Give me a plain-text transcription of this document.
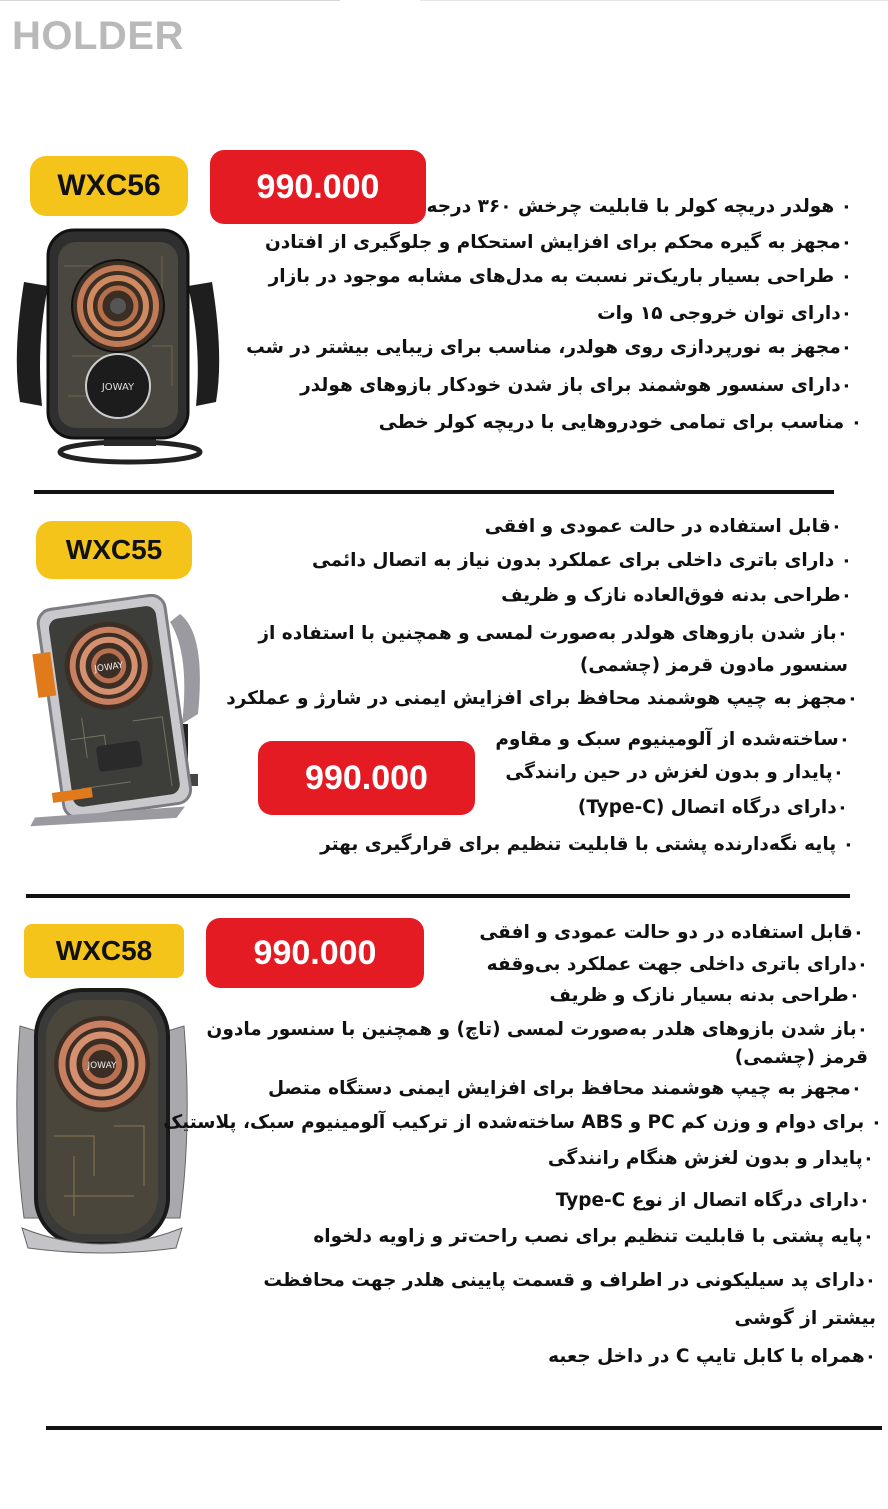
HOLDER
WXC56	990.000
JOWAY
٠ هولدر دریچه کولر با قابلیت چرخش ۳۶۰ درجه
٠مجهز به گیره محکم برای افزایش استحکام و جلوگیری از افتادن
٠ طراحی بسیار باریک‌تر نسبت به مدل‌های مشابه موجود در بازار
٠دارای توان خروجی ۱۵ وات
٠مجهز به نورپردازی روی هولدر، مناسب برای زیبایی بیشتر در شب
٠دارای سنسور هوشمند برای باز شدن خودکار بازوهای هولدر
٠ مناسب برای تمامی خودروهایی با دریچه کولر خطی
WXC55
990.000
JOWAY
٠قابل استفاده در حالت عمودی و افقی
٠ دارای باتری داخلی برای عملکرد بدون نیاز به اتصال دائمی
٠طراحی بدنه فوق‌العاده نازک و ظریف
٠باز شدن بازوهای هولدر به‌صورت لمسی و همچنین با استفاده از سنسور مادون قرمز (چشمی)
٠مجهز به چیپ هوشمند محافظ برای افزایش ایمنی در شارژ و عملکرد
٠ساخته‌شده از آلومینیوم سبک و مقاوم
٠پایدار و بدون لغزش در حین رانندگی
٠دارای درگاه اتصال (Type-C)
٠ پایه نگه‌دارنده پشتی با قابلیت تنظیم برای قرارگیری بهتر
WXC58	990.000
JOWAY
٠قابل استفاده در دو حالت عمودی و افقی
٠دارای باتری داخلی جهت عملکرد بی‌وقفه
٠طراحی بدنه بسیار نازک و ظریف
٠باز شدن بازوهای هلدر به‌صورت لمسی (تاچ) و همچنین با سنسور مادون قرمز (چشمی)
٠مجهز به چیپ هوشمند محافظ برای افزایش ایمنی دستگاه متصل
٠ برای دوام و وزن کم PC و ABS ساخته‌شده از ترکیب آلومینیوم سبک، پلاستیک
٠پایدار و بدون لغزش هنگام رانندگی
٠دارای درگاه اتصال از نوع Type-C
٠پایه پشتی با قابلیت تنظیم برای نصب راحت‌تر و زاویه دلخواه
٠دارای پد سیلیکونی در اطراف و قسمت پایینی هلدر جهت محافظت بیشتر از گوشی
٠همراه با کابل تایپ C در داخل جعبه
